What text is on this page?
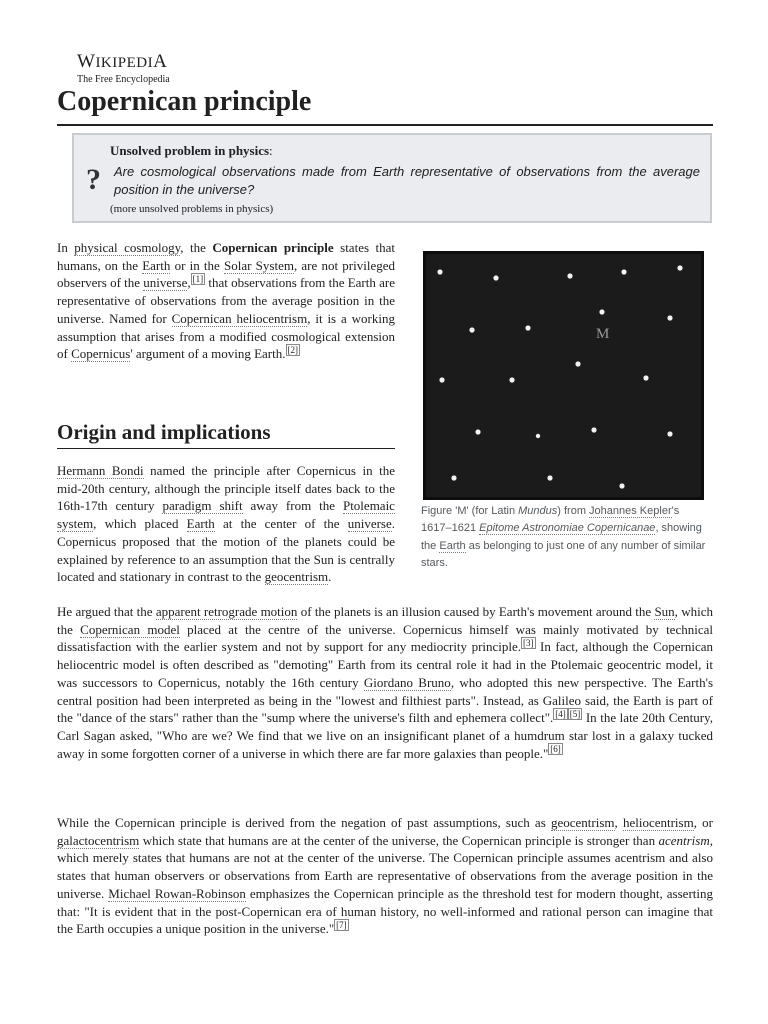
WIKIPEDIA
The Free Encyclopedia
Copernican principle
Unsolved problem in physics:
? Are cosmological observations made from Earth representative of observations from the average position in the universe?
(more unsolved problems in physics)

In physical cosmology, the Copernican principle states that humans, on the Earth or in the Solar System, are not privileged observers of the universe, [1] that observations from the Earth are representative of observations from the average position in the universe. Named for Copernican heliocentrism, it is a working assumption that arises from a modified cosmological extension of Copernicus' argument of a moving Earth. [2]

Origin and implications
M
Figure 'M' (for Latin Mundus) from Johannes Kepler's 1617–1621 Epitome Astronomiae Copernicanae, showing the Earth as belonging to just one of any number of similar stars.

Hermann Bondi named the principle after Copernicus in the mid-20th century, although the principle itself dates back to the 16th-17th century paradigm shift away from the Ptolemaic system, which placed Earth at the center of the universe. Copernicus proposed that the motion of the planets could be explained by reference to an assumption that the Sun is centrally located and stationary in contrast to the geocentrism.

He argued that the apparent retrograde motion of the planets is an illusion caused by Earth's movement around the Sun, which the Copernican model placed at the centre of the universe. Copernicus himself was mainly motivated by technical dissatisfaction with the earlier system and not by support for any mediocrity principle. [3] In fact, although the Copernican heliocentric model is often described as "demoting" Earth from its central role it had in the Ptolemaic geocentric model, it was successors to Copernicus, notably the 16th century Giordano Bruno, who adopted this new perspective. The Earth's central position had been interpreted as being in the "lowest and filthiest parts". Instead, as Galileo said, the Earth is part of the "dance of the stars" rather than the "sump where the universe's filth and ephemera collect". [4] [5] In the late 20th Century, Carl Sagan asked, "Who are we? We find that we live on an insignificant planet of a humdrum star lost in a galaxy tucked away in some forgotten corner of a universe in which there are far more galaxies than people." [6]

While the Copernican principle is derived from the negation of past assumptions, such as geocentrism, heliocentrism, or galactocentrism which state that humans are at the center of the universe, the Copernican principle is stronger than acentrism, which merely states that humans are not at the center of the universe. The Copernican principle assumes acentrism and also states that human observers or observations from Earth are representative of observations from the average position in the universe. Michael Rowan-Robinson emphasizes the Copernican principle as the threshold test for modern thought, asserting that: "It is evident that in the post-Copernican era of human history, no well-informed and rational person can imagine that the Earth occupies a unique position in the universe." [7]
